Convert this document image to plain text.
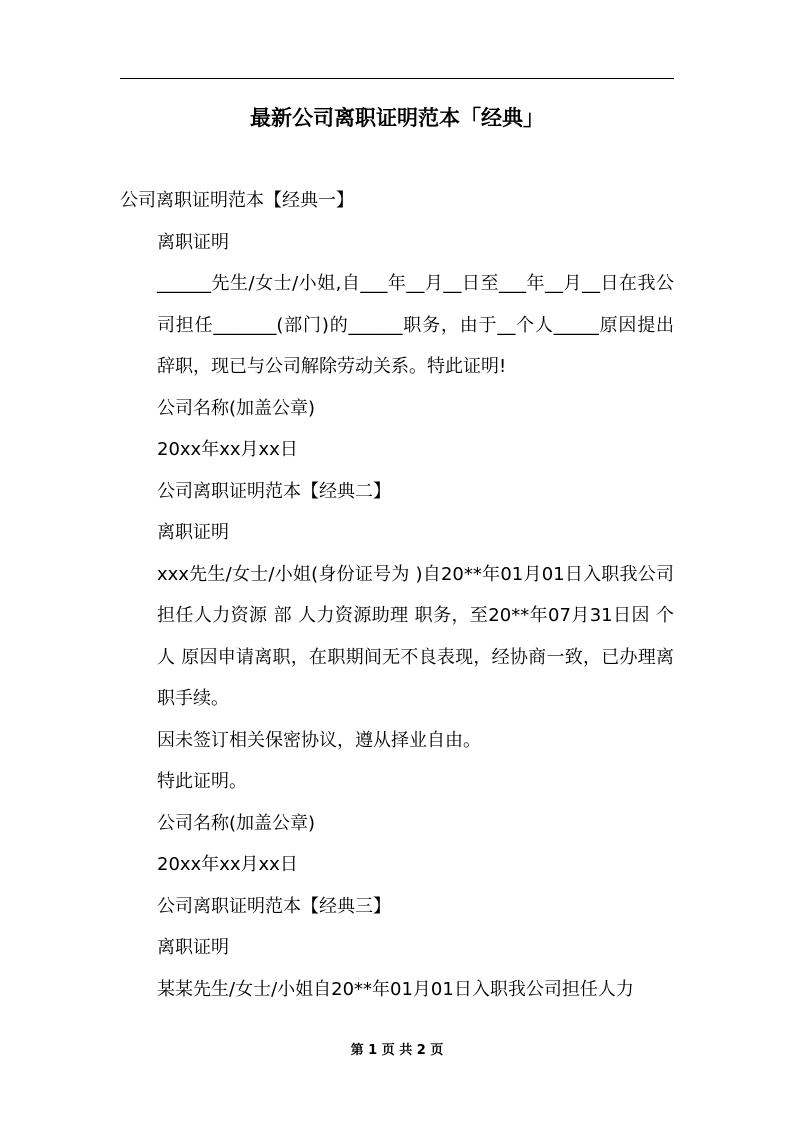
最新公司离职证明范本「经典」

公司离职证明范本【经典一】

离职证明

______先生/女士/小姐,自___年__月__日至___年__月__日在我公司担任_______(部门)的______职务，由于__个人_____原因提出辞职，现已与公司解除劳动关系。特此证明!

公司名称(加盖公章)

20xx年xx月xx日

公司离职证明范本【经典二】

离职证明

xxx先生/女士/小姐(身份证号为 )自20**年01月01日入职我公司担任人力资源 部 人力资源助理 职务，至20**年07月31日因 个人 原因申请离职，在职期间无不良表现，经协商一致，已办理离职手续。

因未签订相关保密协议，遵从择业自由。

特此证明。

公司名称(加盖公章)

20xx年xx月xx日

公司离职证明范本【经典三】

离职证明

某某先生/女士/小姐自20**年01月01日入职我公司担任人力

第 1 页 共 2 页
